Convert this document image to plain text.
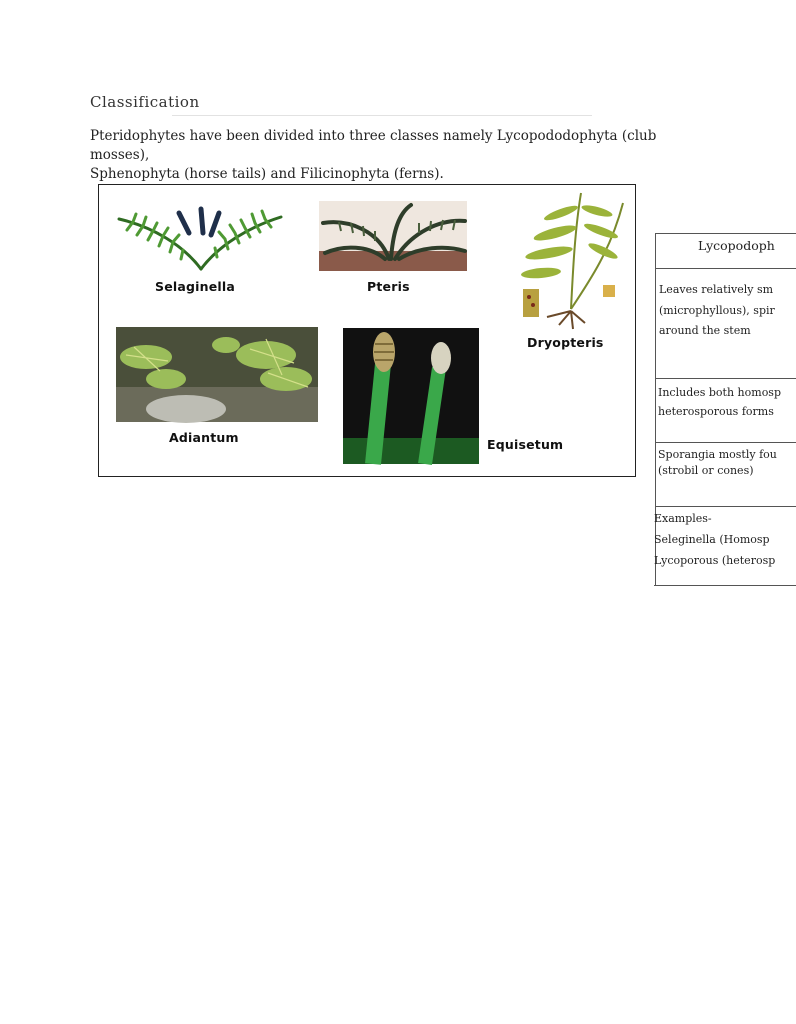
Classification
Pteridophytes have been divided into three classes namely Lycopododophyta (club mosses),
Sphenophyta (horse tails) and Filicinophyta (ferns).
Selaginella	Pteris
Dryopteris
Adiantum	Equisetum
Lycopodoph
Leaves relatively sm
(microphyllous), spir
around the stem
Includes both homosp
heterosporous forms
Sporangia mostly fou
(strobil or cones)
Examples-
Seleginella (Homosp
Lycoporous (heterosp
